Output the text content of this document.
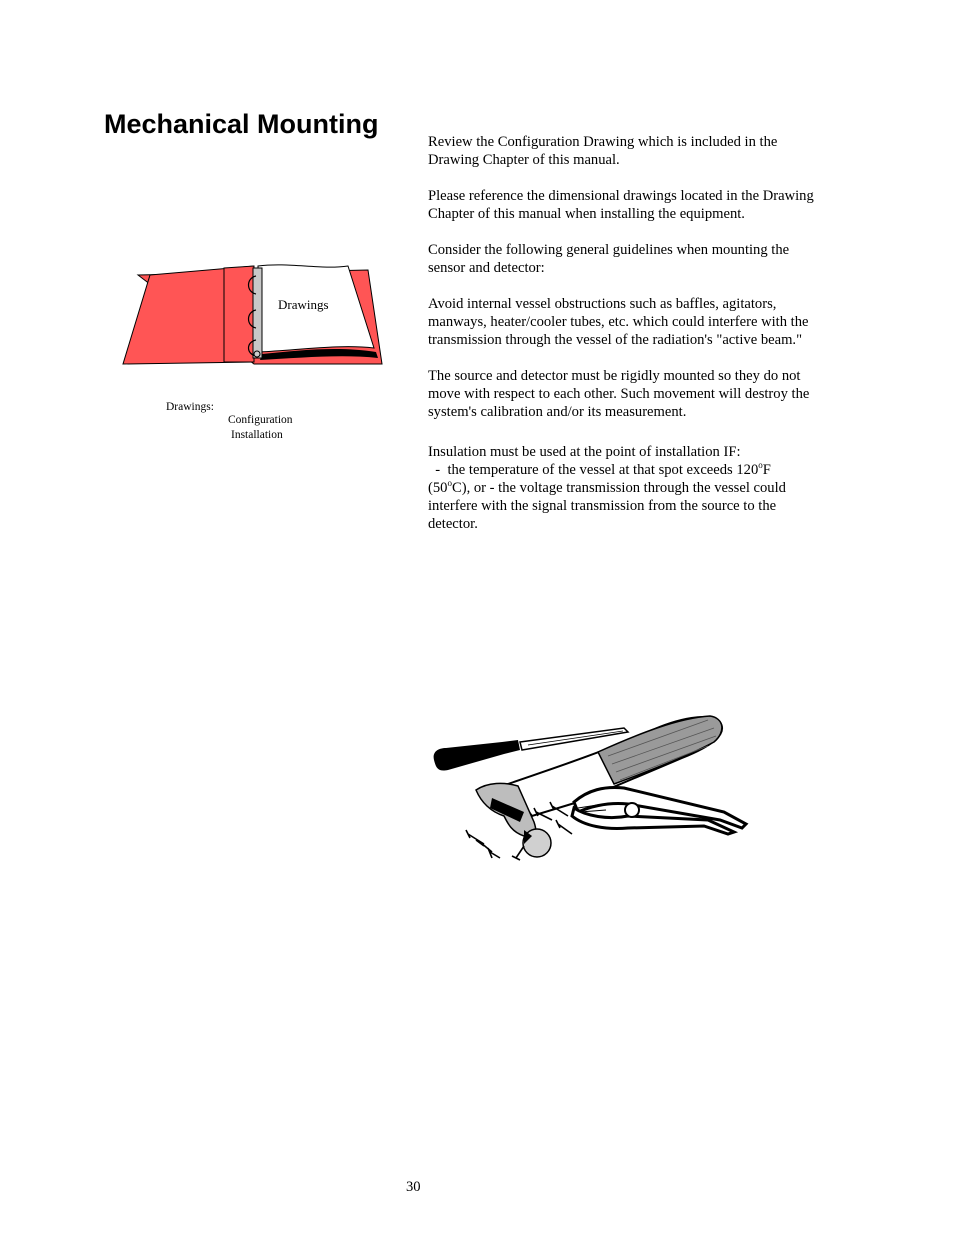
Mechanical Mounting
Drawings
Drawings:
Configuration
Installation

Review the Configuration Drawing which is included in the Drawing Chapter of this manual.

Please reference the dimensional drawings located in the Drawing Chapter of this manual when installing the equipment.

Consider the following general guidelines when mounting the sensor and detector:

Avoid internal vessel obstructions such as baffles, agitators, manways, heater/cooler tubes, etc. which could interfere with the transmission through the vessel of the radiation's "active beam."

The source and detector must be rigidly mounted so they do not move with respect to each other. Such movement will destroy the system's calibration and/or its measurement.

Insulation must be used at the point of installation IF:
-  the temperature of the vessel at that spot exceeds 120$^o$F
(50$^o$C), or - the voltage transmission through the vessel could interfere with the signal transmission from the source to the detector.

30
